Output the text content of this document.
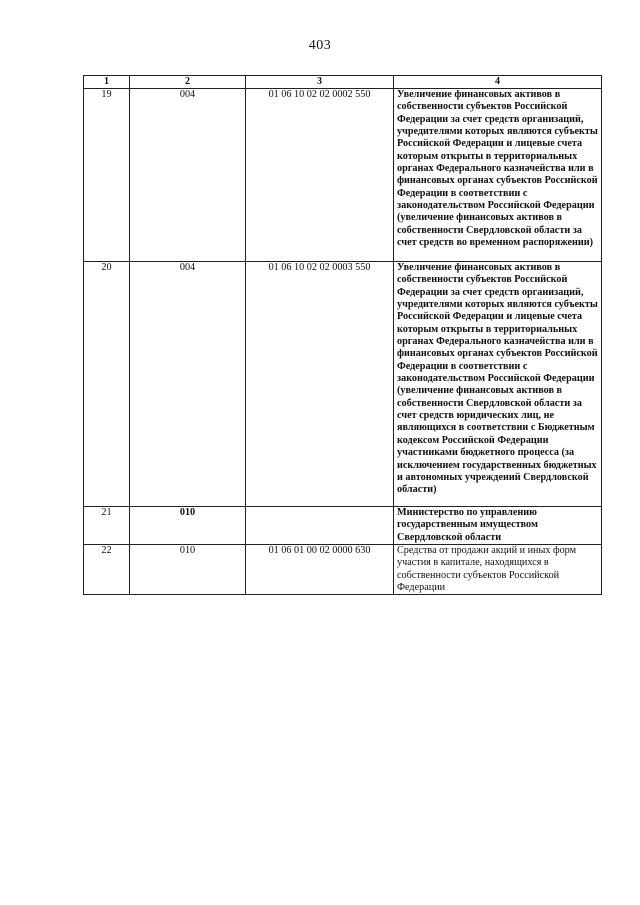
403
1	2	3	4
19	004	01 06 10 02 02 0002 550	Увеличение финансовых активов в собственности субъектов Российской Федерации за счет средств организаций, учредителями которых являются субъекты Российской Федерации и лицевые счета которым открыты в территориальных органах Федерального казначейства или в финансовых органах субъектов Российской Федерации в соответствии с законодательством Российской Федерации (увеличение финансовых активов в собственности Свердловской области за счет средств во временном распоряжении)
20	004	01 06 10 02 02 0003 550	Увеличение финансовых активов в собственности субъектов Российской Федерации за счет средств организаций, учредителями которых являются субъекты Российской Федерации и лицевые счета которым открыты в территориальных органах Федерального казначейства или в финансовых органах субъектов Российской Федерации в соответствии с законодательством Российской Федерации (увеличение финансовых активов в собственности Свердловской области за счет средств юридических лиц, не являющихся в соответствии с Бюджетным кодексом Российской Федерации участниками бюджетного процесса (за исключением государственных бюджетных и автономных учреждений Свердловской области)
21	010		Министерство по управлению государственным имуществом Свердловской области
22	010	01 06 01 00 02 0000 630	Средства от продажи акций и иных форм участия в капитале, находящихся в собственности субъектов Российской Федерации
